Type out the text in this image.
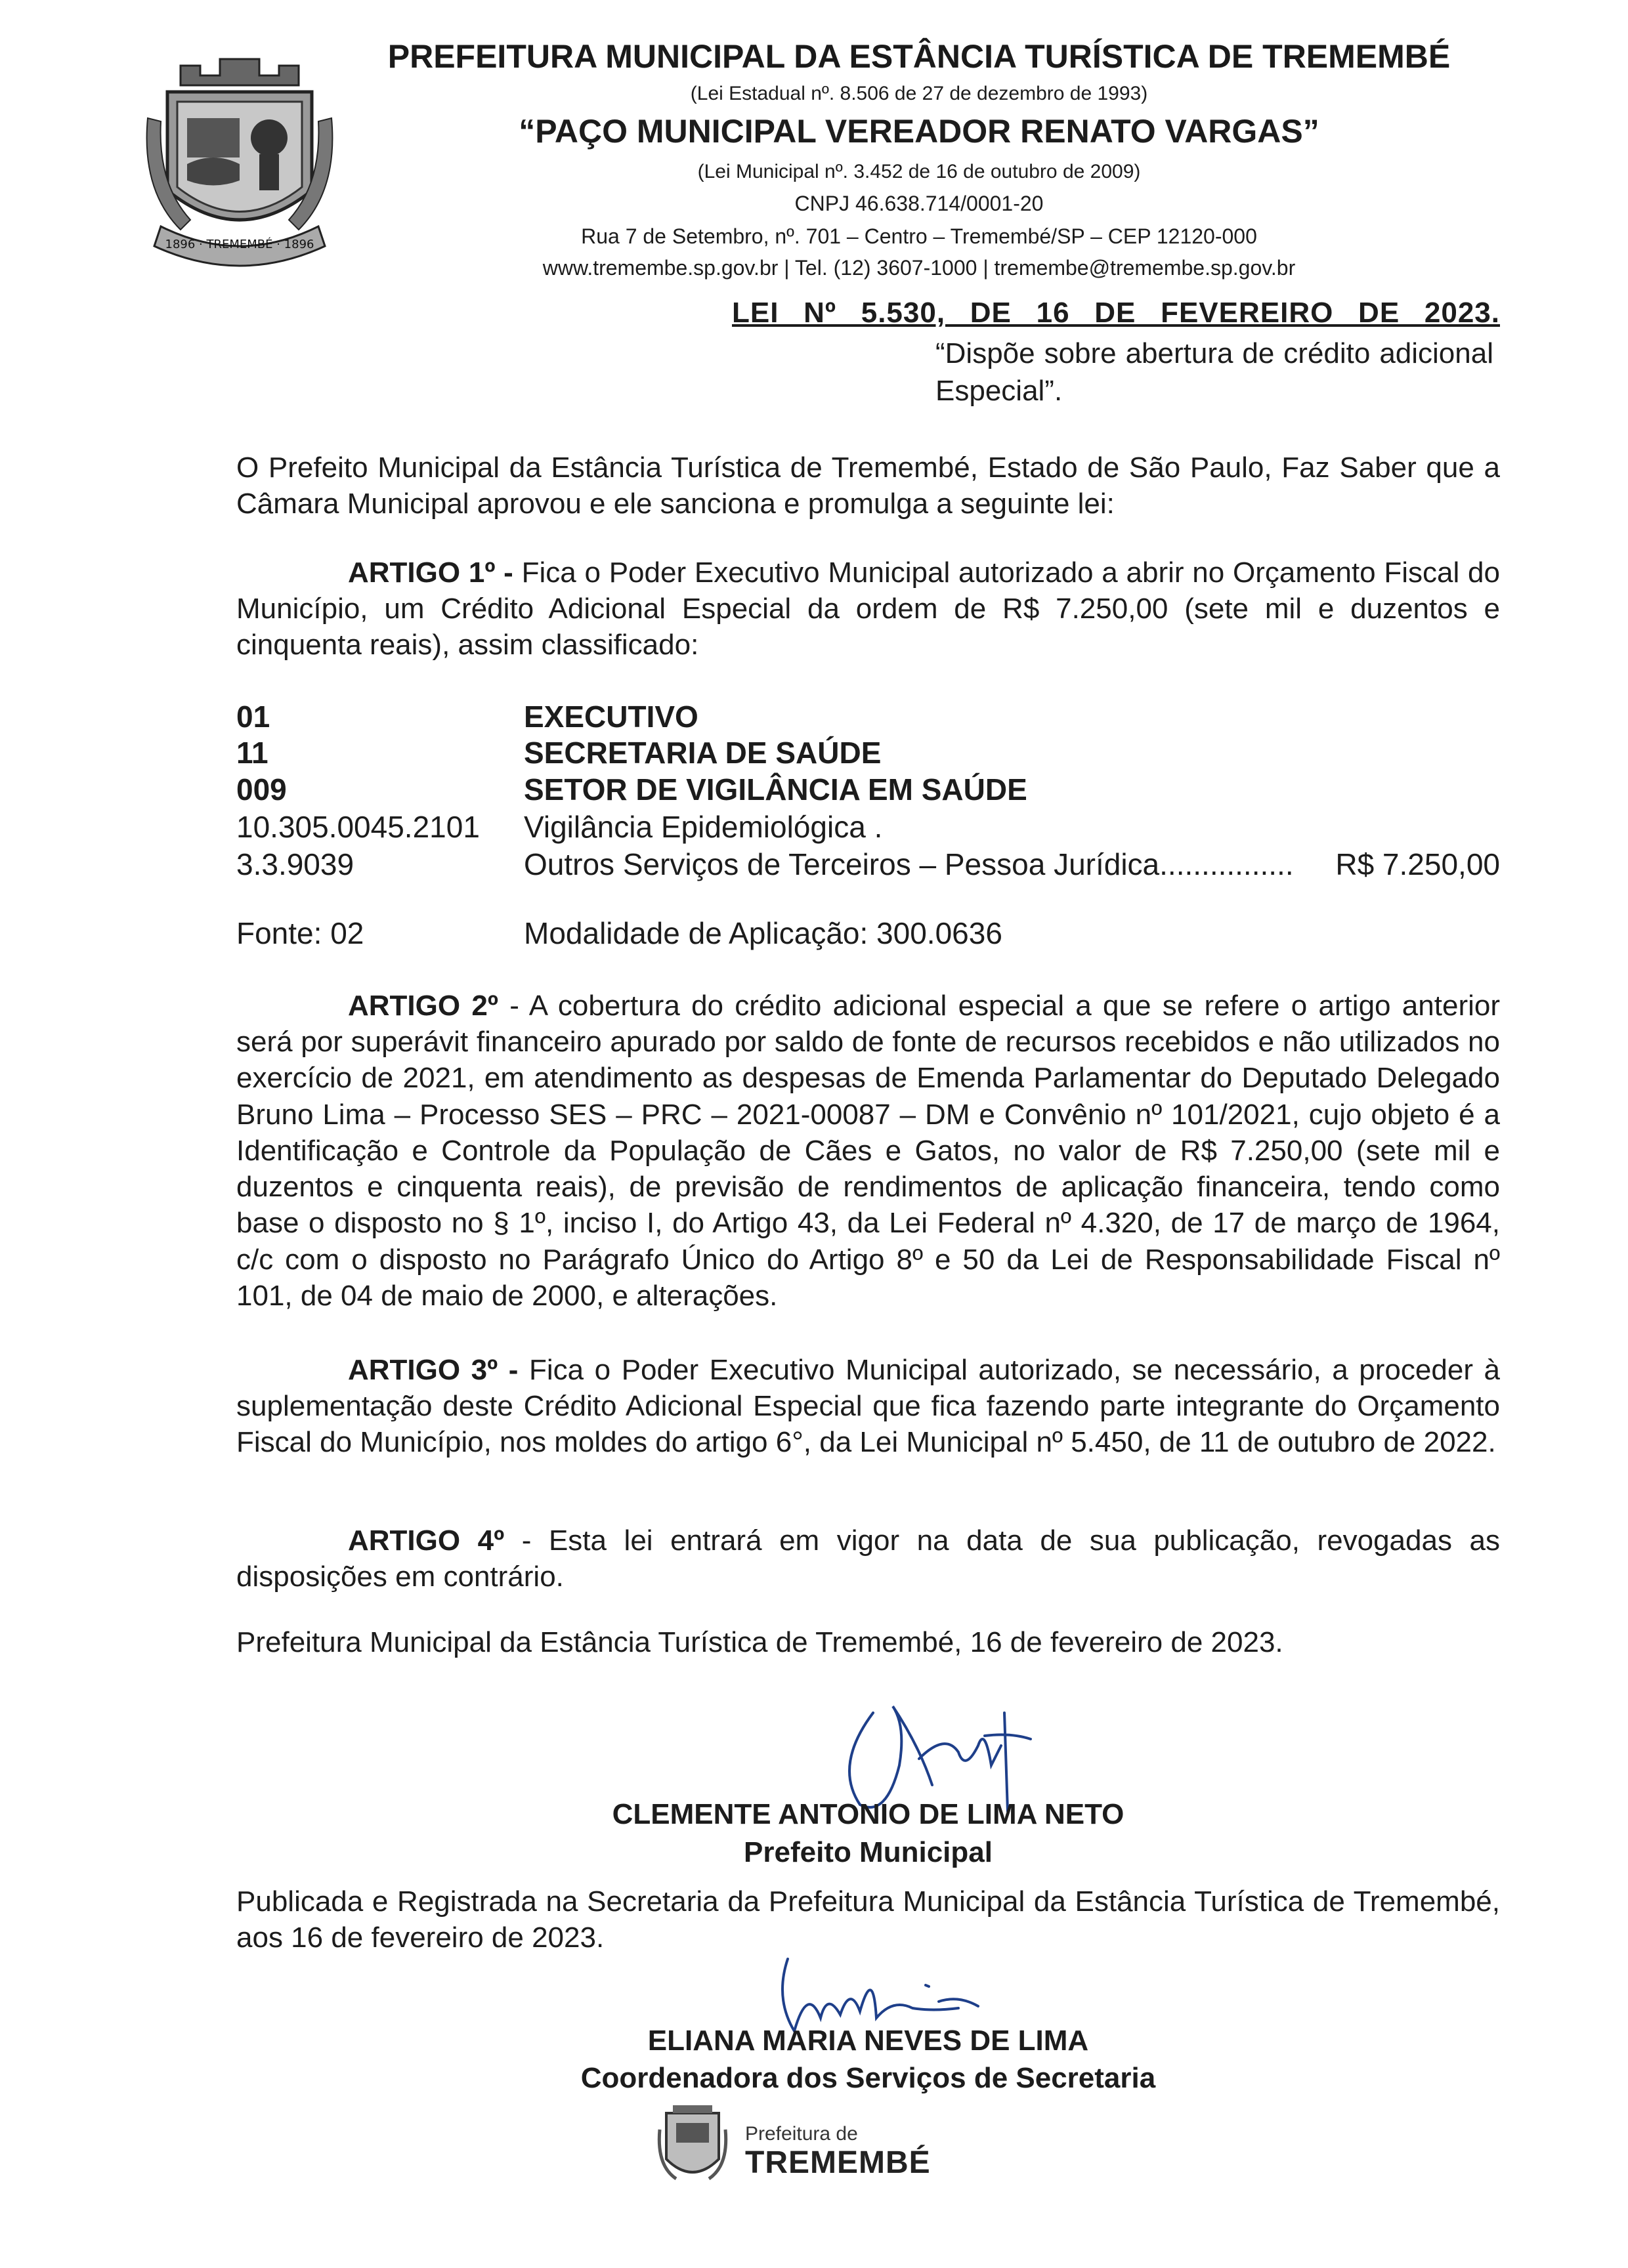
1896 · TREMEMBÉ · 1896
PREFEITURA MUNICIPAL DA ESTÂNCIA TURÍSTICA DE TREMEMBÉ
(Lei Estadual nº. 8.506 de 27 de dezembro de 1993)
“PAÇO MUNICIPAL VEREADOR RENATO VARGAS”
(Lei Municipal nº. 3.452 de 16 de outubro de 2009)
CNPJ 46.638.714/0001-20
Rua 7 de Setembro, nº. 701 – Centro – Tremembé/SP – CEP 12120-000
www.tremembe.sp.gov.br | Tel. (12) 3607-1000 | tremembe@tremembe.sp.gov.br
LEI Nº 5.530, DE 16 DE FEVEREIRO DE 2023.
“Dispõe sobre abertura de crédito adicional Especial”.
O Prefeito Municipal da Estância Turística de Tremembé, Estado de São Paulo, Faz Saber que a Câmara Municipal aprovou e ele sanciona e promulga a seguinte lei:
ARTIGO 1º - Fica o Poder Executivo Municipal autorizado a abrir no Orçamento Fiscal do Município, um Crédito Adicional Especial da ordem de R$ 7.250,00 (sete mil e duzentos e cinquenta reais), assim classificado:
01	EXECUTIVO
11	SECRETARIA DE SAÚDE
009	SETOR DE VIGILÂNCIA EM SAÚDE
10.305.0045.2101 Vigilância Epidemiológica .
3.3.9039	Outros Serviços de Terceiros – Pessoa Jurídica................ R$ 7.250,00
Fonte: 02	Modalidade de Aplicação: 300.0636
ARTIGO 2º - A cobertura do crédito adicional especial a que se refere o artigo anterior será por superávit financeiro apurado por saldo de fonte de recursos recebidos e não utilizados no exercício de 2021, em atendimento as despesas de Emenda Parlamentar do Deputado Delegado Bruno Lima – Processo SES – PRC – 2021-00087 – DM e Convênio nº 101/2021, cujo objeto é a Identificação e Controle da População de Cães e Gatos, no valor de R$ 7.250,00 (sete mil e duzentos e cinquenta reais), de previsão de rendimentos de aplicação financeira, tendo como base o disposto no § 1º, inciso I, do Artigo 43, da Lei Federal nº 4.320, de 17 de março de 1964, c/c com o disposto no Parágrafo Único do Artigo 8º e 50 da Lei de Responsabilidade Fiscal nº 101, de 04 de maio de 2000, e alterações.
ARTIGO 3º - Fica o Poder Executivo Municipal autorizado, se necessário, a proceder à suplementação deste Crédito Adicional Especial que fica fazendo parte integrante do Orçamento Fiscal do Município, nos moldes do artigo 6°, da Lei Municipal nº 5.450, de 11 de outubro de 2022.
ARTIGO 4º - Esta lei entrará em vigor na data de sua publicação, revogadas as disposições em contrário.
Prefeitura Municipal da Estância Turística de Tremembé, 16 de fevereiro de 2023.
CLEMENTE ANTONIO DE LIMA NETO
Prefeito Municipal
Publicada e Registrada na Secretaria da Prefeitura Municipal da Estância Turística de Tremembé, aos 16 de fevereiro de 2023.
ELIANA MARIA NEVES DE LIMA
Coordenadora dos Serviços de Secretaria
Prefeitura de
TREMEMBÉ
